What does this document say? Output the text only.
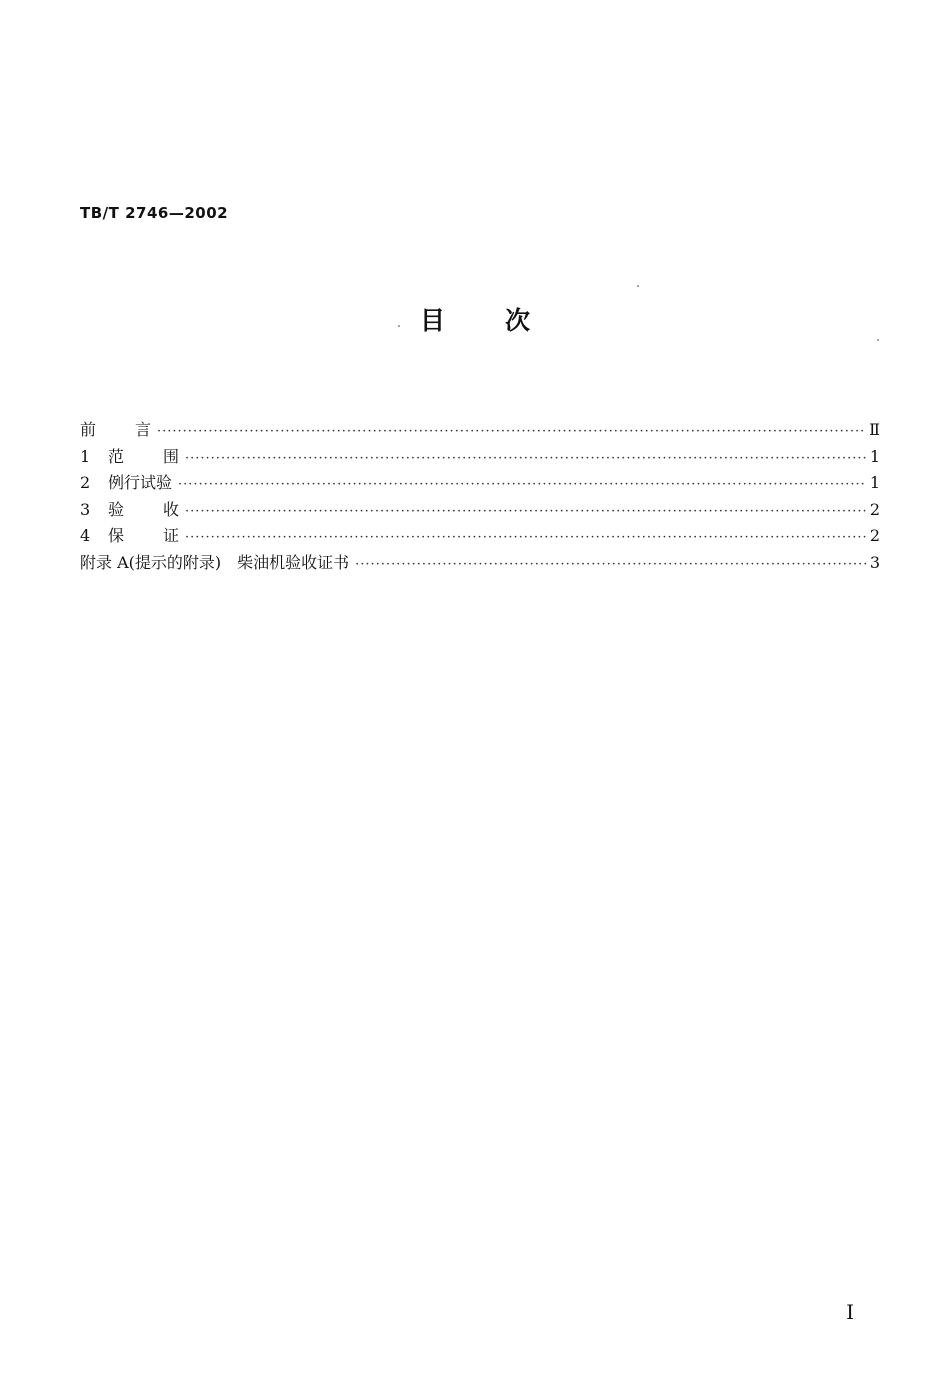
TB/T 2746—2002
目 次
前	言 ·····	Ⅱ
1	范	围 ·····	1
2	例行试验 ·····	1
3	验	收 ·····	2
4	保	证 ·····	2
附录 A(提示的附录)　柴油机验收证书 ·····	3
I
